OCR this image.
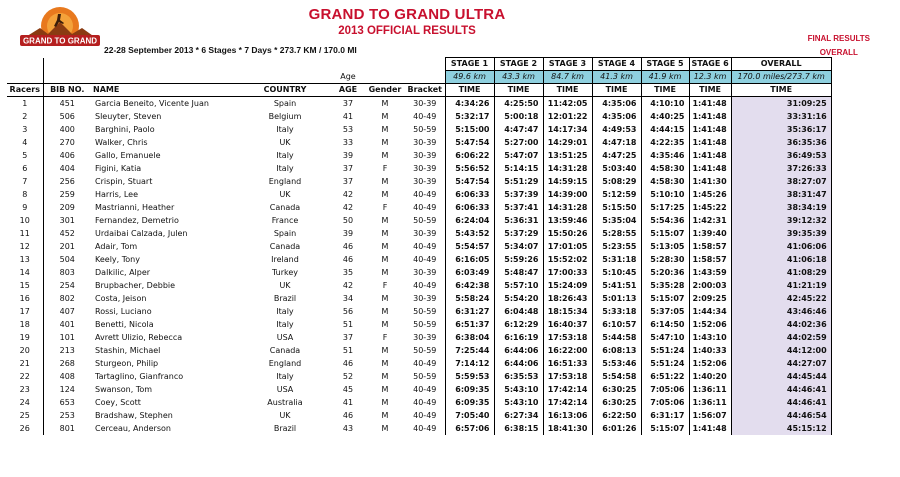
GRAND TO GRAND
GRAND TO GRAND ULTRA
2013 OFFICIAL RESULTS
22-28 September 2013 * 6 Stages * 7 Days * 273.7 KM / 170.0 MI
FINAL RESULTS
OVERALL
							STAGE 1	STAGE 2	STAGE 3	STAGE 4	STAGE 5	STAGE 6	OVERALL
				Age			49.6 km	43.3 km	84.7 km	41.3 km	41.9 km	12.3 km	170.0 miles/273.7 km
Racers	BIB NO.	NAME	COUNTRY	AGE	Gender	Bracket	TIME	TIME	TIME	TIME	TIME	TIME	TIME
1	451	Garcia Beneito, Vicente Juan	Spain	37	M	30-39	4:34:26	4:25:50	11:42:05	4:35:06	4:10:10	1:41:48	31:09:25
2	506	Sleuyter, Steven	Belgium	41	M	40-49	5:32:17	5:00:18	12:01:22	4:35:06	4:40:25	1:41:48	33:31:16
3	400	Barghini, Paolo	Italy	53	M	50-59	5:15:00	4:47:47	14:17:34	4:49:53	4:44:15	1:41:48	35:36:17
4	270	Walker, Chris	UK	33	M	30-39	5:47:54	5:27:00	14:29:01	4:47:18	4:22:35	1:41:48	36:35:36
5	406	Gallo, Emanuele	Italy	39	M	30-39	6:06:22	5:47:07	13:51:25	4:47:25	4:35:46	1:41:48	36:49:53
6	404	Figini, Katia	Italy	37	F	30-39	5:56:52	5:14:15	14:31:28	5:03:40	4:58:30	1:41:48	37:26:33
7	256	Crispin, Stuart	England	37	M	30-39	5:47:54	5:51:29	14:59:15	5:08:29	4:58:30	1:41:30	38:27:07
8	259	Harris, Lee	UK	42	M	40-49	6:06:33	5:37:39	14:39:00	5:12:59	5:10:10	1:45:26	38:31:47
9	209	Mastrianni, Heather	Canada	42	F	40-49	6:06:33	5:37:41	14:31:28	5:15:50	5:17:25	1:45:22	38:34:19
10	301	Fernandez, Demetrio	France	50	M	50-59	6:24:04	5:36:31	13:59:46	5:35:04	5:54:36	1:42:31	39:12:32
11	452	Urdaibai Calzada, Julen	Spain	39	M	30-39	5:43:52	5:37:29	15:50:26	5:28:55	5:15:07	1:39:40	39:35:39
12	201	Adair, Tom	Canada	46	M	40-49	5:54:57	5:34:07	17:01:05	5:23:55	5:13:05	1:58:57	41:06:06
13	504	Keely, Tony	Ireland	46	M	40-49	6:16:05	5:59:26	15:52:02	5:31:18	5:28:30	1:58:57	41:06:18
14	803	Dalkilic, Alper	Turkey	35	M	30-39	6:03:49	5:48:47	17:00:33	5:10:45	5:20:36	1:43:59	41:08:29
15	254	Brupbacher, Debbie	UK	42	F	40-49	6:42:38	5:57:10	15:24:09	5:41:51	5:35:28	2:00:03	41:21:19
16	802	Costa, Jeison	Brazil	34	M	30-39	5:58:24	5:54:20	18:26:43	5:01:13	5:15:07	2:09:25	42:45:22
17	407	Rossi, Luciano	Italy	56	M	50-59	6:31:27	6:04:48	18:15:34	5:33:18	5:37:05	1:44:34	43:46:46
18	401	Benetti, Nicola	Italy	51	M	50-59	6:51:37	6:12:29	16:40:37	6:10:57	6:14:50	1:52:06	44:02:36
19	101	Avrett Ulizio, Rebecca	USA	37	F	30-39	6:38:04	6:16:19	17:53:18	5:44:58	5:47:10	1:43:10	44:02:59
20	213	Stashin, Michael	Canada	51	M	50-59	7:25:44	6:44:06	16:22:00	6:08:13	5:51:24	1:40:33	44:12:00
21	268	Sturgeon, Philip	England	46	M	40-49	7:14:12	6:44:06	16:51:33	5:53:46	5:51:24	1:52:06	44:27:07
22	408	Tartaglino, Gianfranco	Italy	52	M	50-59	5:59:53	6:35:53	17:53:18	5:54:58	6:51:22	1:40:20	44:45:44
23	124	Swanson, Tom	USA	45	M	40-49	6:09:35	5:43:10	17:42:14	6:30:25	7:05:06	1:36:11	44:46:41
24	653	Coey, Scott	Australia	41	M	40-49	6:09:35	5:43:10	17:42:14	6:30:25	7:05:06	1:36:11	44:46:41
25	253	Bradshaw, Stephen	UK	46	M	40-49	7:05:40	6:27:34	16:13:06	6:22:50	6:31:17	1:56:07	44:46:54
26	801	Cerceau, Anderson	Brazil	43	M	40-49	6:57:06	6:38:15	18:41:30	6:01:26	5:15:07	1:41:48	45:15:12
